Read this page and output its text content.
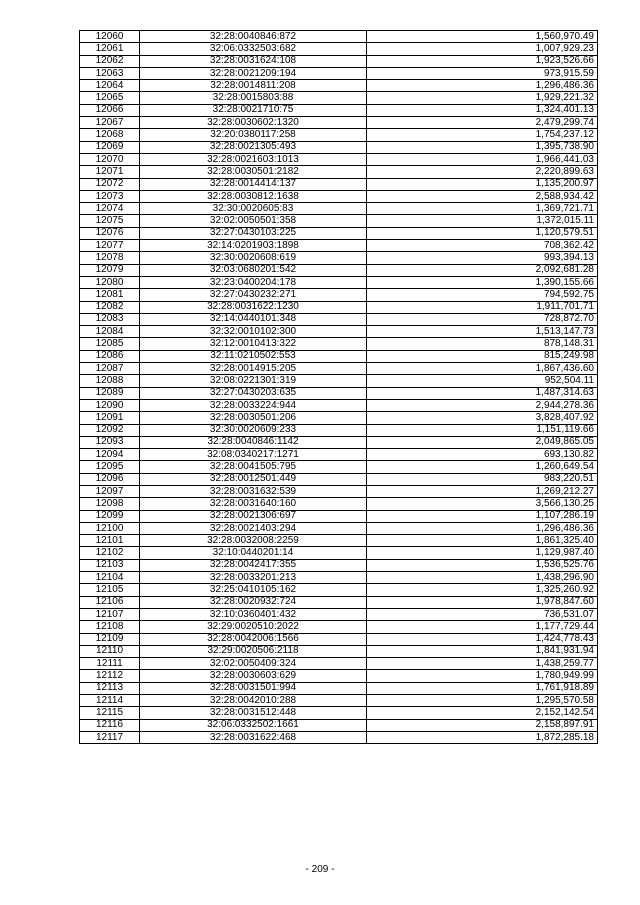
12060	32:28:0040846:872	1,560,970.49
12061	32:06:0332503:682	1,007,929.23
12062	32:28:0031624:108	1,923,526.66
12063	32:28:0021209:194	973,915.59
12064	32:28:0014811:208	1,296,486.36
12065	32:28:0015803:88	1,929,221.32
12066	32:28:0021710:75	1,324,401.13
12067	32:28:0030602:1320	2,479,299.74
12068	32:20:0380117:258	1,754,237.12
12069	32:28:0021305:493	1,395,738.90
12070	32:28:0021603:1013	1,966,441.03
12071	32:28:0030501:2182	2,220,899.63
12072	32:28:0014414:137	1,135,200.97
12073	32:28:0030812:1638	2,588,934.42
12074	32:30:0020605:83	1,369,721.71
12075	32:02:0050501:358	1,372,015.11
12076	32:27:0430103:225	1,120,579.51
12077	32:14:0201903:1898	708,362.42
12078	32:30:0020608:619	993,394.13
12079	32:03:0680201:542	2,092,681.28
12080	32:23:0400204:178	1,390,155.66
12081	32:27:0430232:271	794,592.75
12082	32:28:0031622:1230	1,911,701.71
12083	32:14:0440101:348	728,872.70
12084	32:32:0010102:300	1,513,147.73
12085	32:12:0010413:322	878,148.31
12086	32:11:0210502:553	815,249.98
12087	32:28:0014915:205	1,867,436.60
12088	32:08:0221301:319	952,504.11
12089	32:27:0430203:635	1,487,314.63
12090	32:28:0033224:944	2,944,278.36
12091	32:28:0030501:206	3,828,407.92
12092	32:30:0020609:233	1,151,119.66
12093	32:28:0040846:1142	2,049,865.05
12094	32:08:0340217:1271	693,130.82
12095	32:28:0041505:795	1,260,649.54
12096	32:28:0012501:449	983,220.51
12097	32:28:0031632:539	1,269,212.27
12098	32:28:0031640:160	3,566,130.25
12099	32:28:0021306:697	1,107,286.19
12100	32:28:0021403:294	1,296,486.36
12101	32:28:0032008:2259	1,861,325.40
12102	32:10:0440201:14	1,129,987.40
12103	32:28:0042417:355	1,536,525.76
12104	32:28:0033201:213	1,438,296.90
12105	32:25:0410105:162	1,325,260.92
12106	32:28:0020932:724	1,978,847.60
12107	32:10:0360401:432	736,531.07
12108	32:29:0020510:2022	1,177,729.44
12109	32:28:0042006:1566	1,424,778.43
12110	32:29:0020506:2118	1,841,931.94
12111	32:02:0050409:324	1,438,259.77
12112	32:28:0030603:629	1,780,949.99
12113	32:28:0031501:994	1,761,918.89
12114	32:28:0042010:288	1,295,570.58
12115	32:28:0031512:448	2,152,142.54
12116	32:06:0332502:1661	2,158,897.91
12117	32:28:0031622:468	1,872,285.18
- 209 -
